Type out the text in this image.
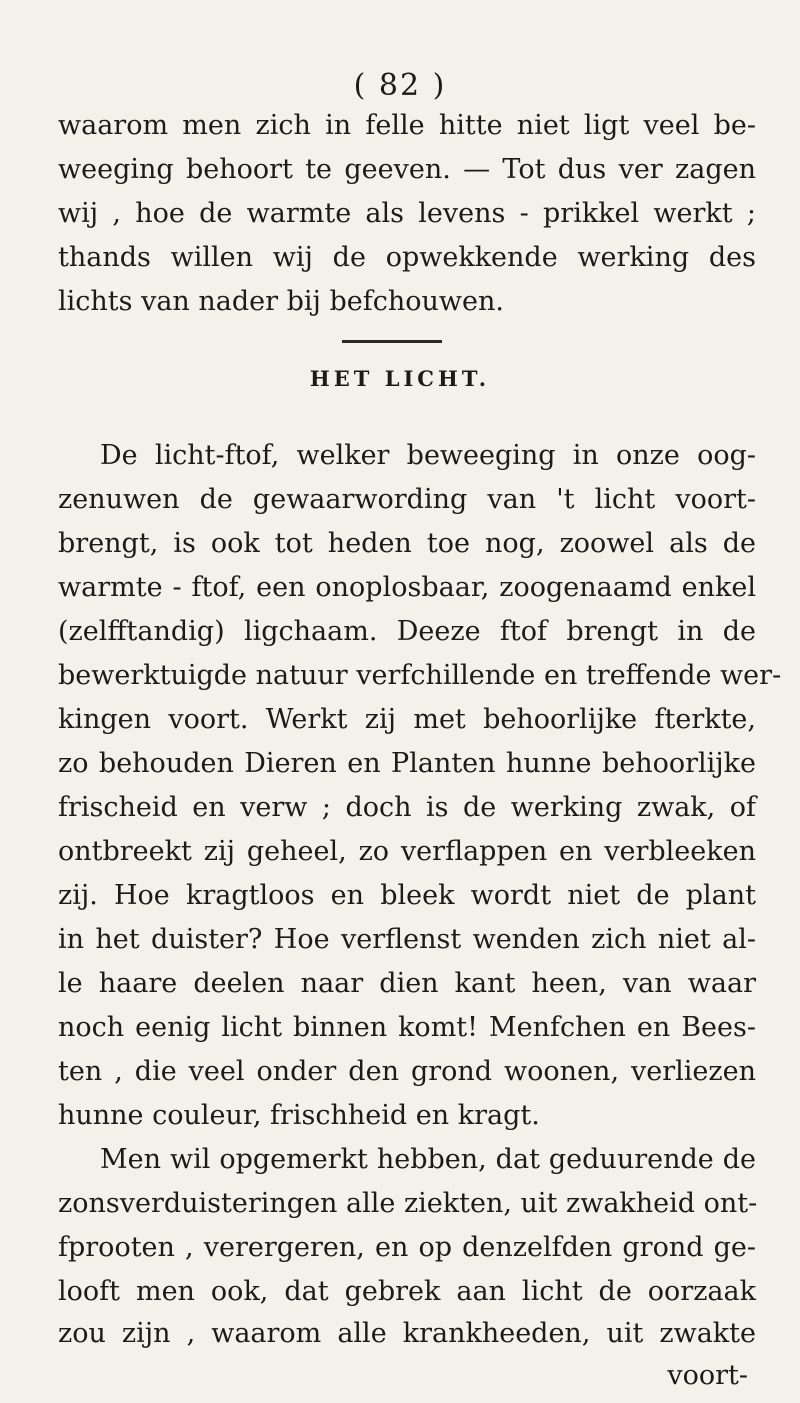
( 82 )
waarom men zich in felle hitte niet ligt veel be-
weeging behoort te geeven. — Tot dus ver zagen
wij , hoe de warmte als levens - prikkel werkt ;
thands willen wij de opwekkende werking des
lichts van nader bij befchouwen.
HET LICHT.
De licht-ftof, welker beweeging in onze oog-
zenuwen de gewaarwording van 't licht voort-
brengt, is ook tot heden toe nog, zoowel als de
warmte - ftof, een onoplosbaar, zoogenaamd enkel
(zelfftandig) ligchaam. Deeze ftof brengt in de
bewerktuigde natuur verfchillende en treffende wer-
kingen voort. Werkt zij met behoorlijke fterkte,
zo behouden Dieren en Planten hunne behoorlijke
frischeid en verw ; doch is de werking zwak, of
ontbreekt zij geheel, zo verflappen en verbleeken
zij. Hoe kragtloos en bleek wordt niet de plant
in het duister? Hoe verflenst wenden zich niet al-
le haare deelen naar dien kant heen, van waar
noch eenig licht binnen komt! Menfchen en Bees-
ten , die veel onder den grond woonen, verliezen
hunne couleur, frischheid en kragt.
Men wil opgemerkt hebben, dat geduurende de
zonsverduisteringen alle ziekten, uit zwakheid ont-
fprooten , verergeren, en op denzelfden grond ge-
looft men ook, dat gebrek aan licht de oorzaak
zou zijn , waarom alle krankheeden, uit zwakte
voort-
